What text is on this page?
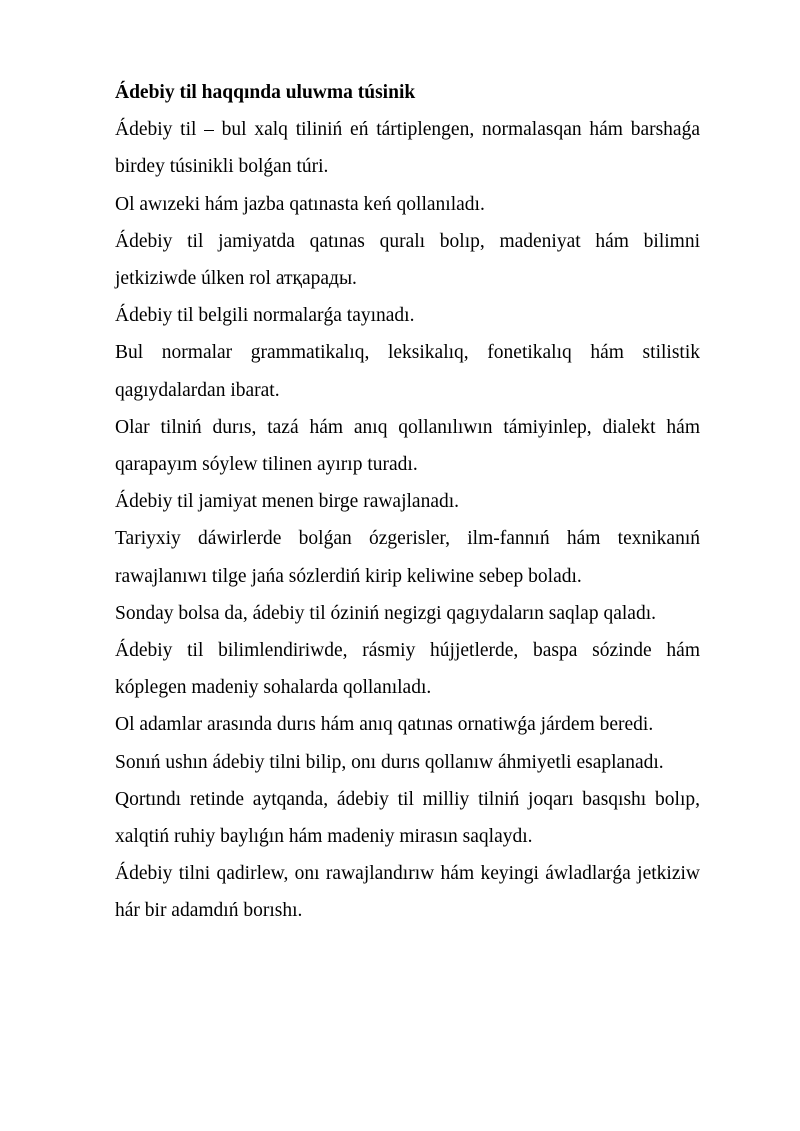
Ádebiy til haqqında uluwma túsinik

Ádebiy til – bul xalq tiliniń eń tártiplengen, normalasqan hám barshaǵa birdey túsinikli bolǵan túri.

Ol awızeki hám jazba qatınasta keń qollanıladı.

Ádebiy til jamiyatda qatınas quralı bolıp, madeniyat hám bilimni jetkiziwde úlken rol атқарады.

Ádebiy til belgili normalarǵa tayınadı.

Bul normalar grammatikalıq, leksikalıq, fonetikalıq hám stilistik qagıydalardan ibarat.

Olar tilniń durıs, tazá hám anıq qollanılıwın támiyinlep, dialekt hám qarapayım sóylew tilinen ayırıp turadı.

Ádebiy til jamiyat menen birge rawajlanadı.

Tariyxiy dáwirlerde bolǵan ózgerisler, ilm-fannıń hám texnikanıń rawajlanıwı tilge jańa sózlerdiń kirip keliwine sebep boladı.

Sonday bolsa da, ádebiy til óziniń negizgi qagıydaların saqlap qaladı.

Ádebiy til bilimlendiriwde, rásmiy hújjetlerde, baspa sózinde hám kóplegen madeniy sohalarda qollanıladı.

Ol adamlar arasında durıs hám anıq qatınas ornatiwǵa járdem beredi.

Sonıń ushın ádebiy tilni bilip, onı durıs qollanıw áhmiyetli esaplanadı.

Qortındı retinde aytqanda, ádebiy til milliy tilniń joqarı basqıshı bolıp, xalqtiń ruhiy baylıǵın hám madeniy mirasın saqlaydı.

Ádebiy tilni qadirlew, onı rawajlandırıw hám keyingi áwladlarǵa jetkiziw hár bir adamdıń borıshı.
